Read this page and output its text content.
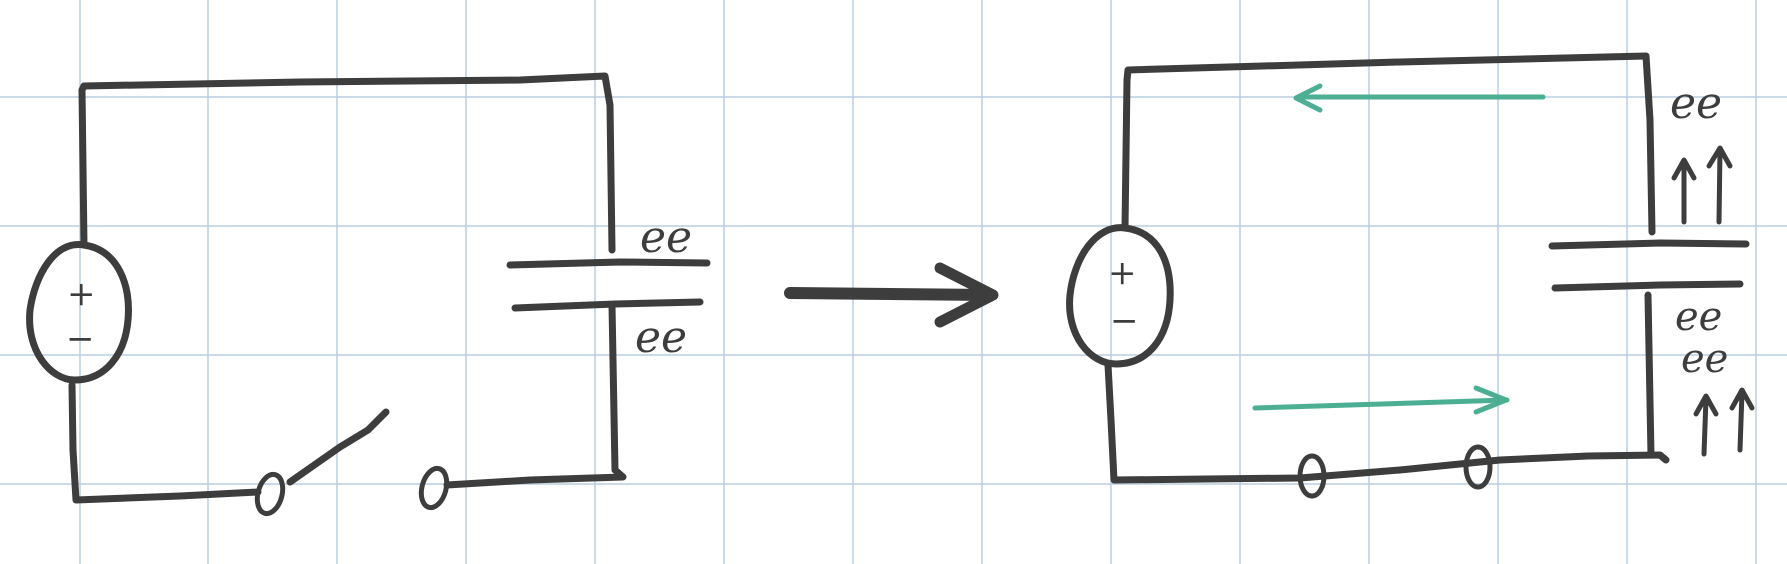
+
−
ee
ee
+
−
ee
ee
ee
